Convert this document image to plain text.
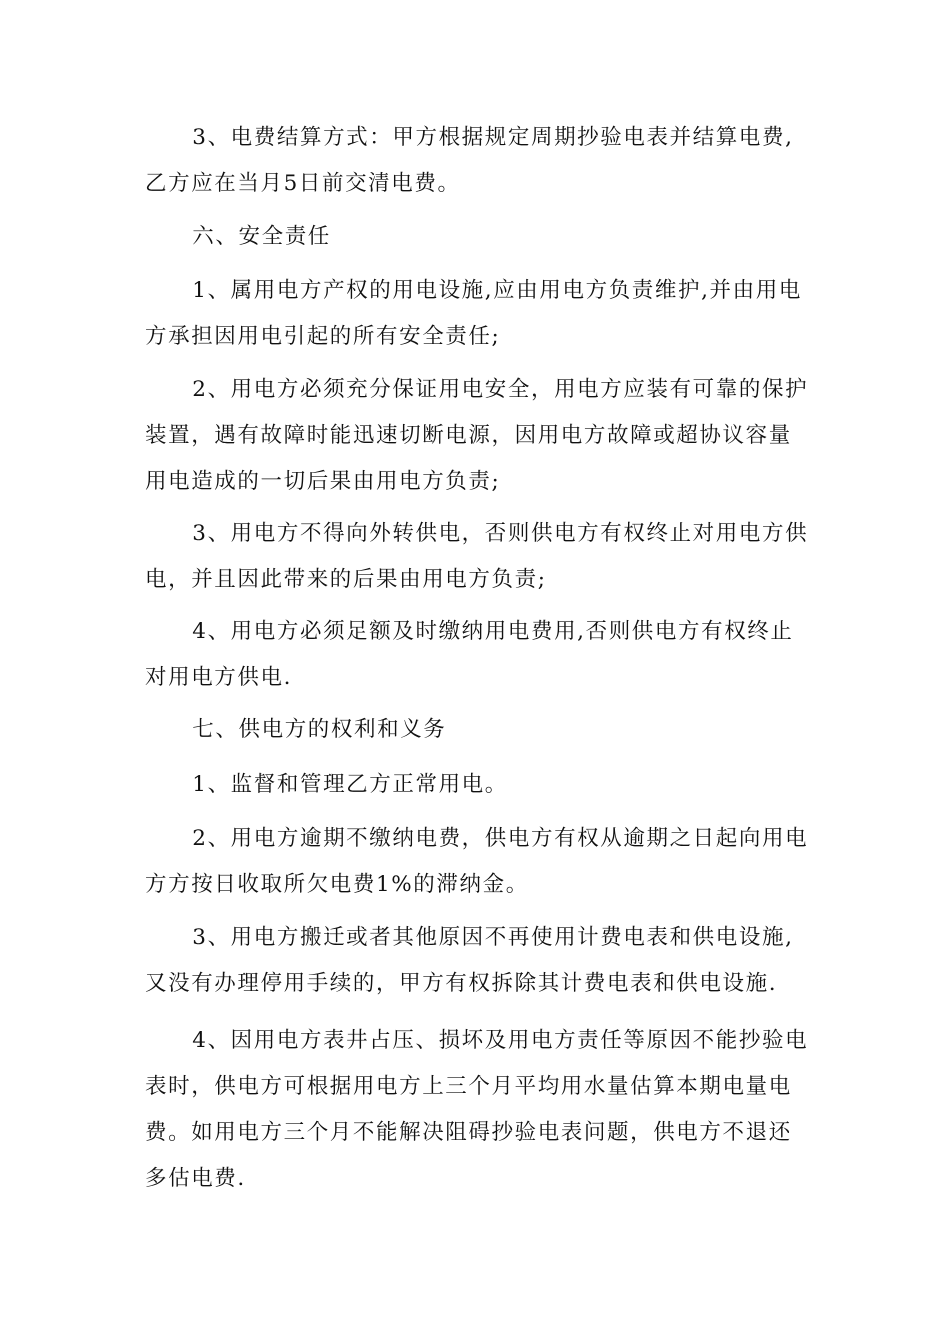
3、电费结算方式：甲方根据规定周期抄验电表并结算电费,乙方应在当月5日前交清电费。

六、安全责任

1、属用电方产权的用电设施,应由用电方负责维护,并由用电方承担因用电引起的所有安全责任;

2、用电方必须充分保证用电安全，用电方应装有可靠的保护装置，遇有故障时能迅速切断电源，因用电方故障或超协议容量用电造成的一切后果由用电方负责;

3、用电方不得向外转供电，否则供电方有权终止对用电方供电，并且因此带来的后果由用电方负责;

4、用电方必须足额及时缴纳用电费用,否则供电方有权终止对用电方供电.

七、供电方的权利和义务

1、监督和管理乙方正常用电。

2、用电方逾期不缴纳电费，供电方有权从逾期之日起向用电方方按日收取所欠电费1%的滞纳金。

3、用电方搬迁或者其他原因不再使用计费电表和供电设施,又没有办理停用手续的，甲方有权拆除其计费电表和供电设施.

4、因用电方表井占压、损坏及用电方责任等原因不能抄验电表时，供电方可根据用电方上三个月平均用水量估算本期电量电费。如用电方三个月不能解决阻碍抄验电表问题，供电方不退还多估电费.
